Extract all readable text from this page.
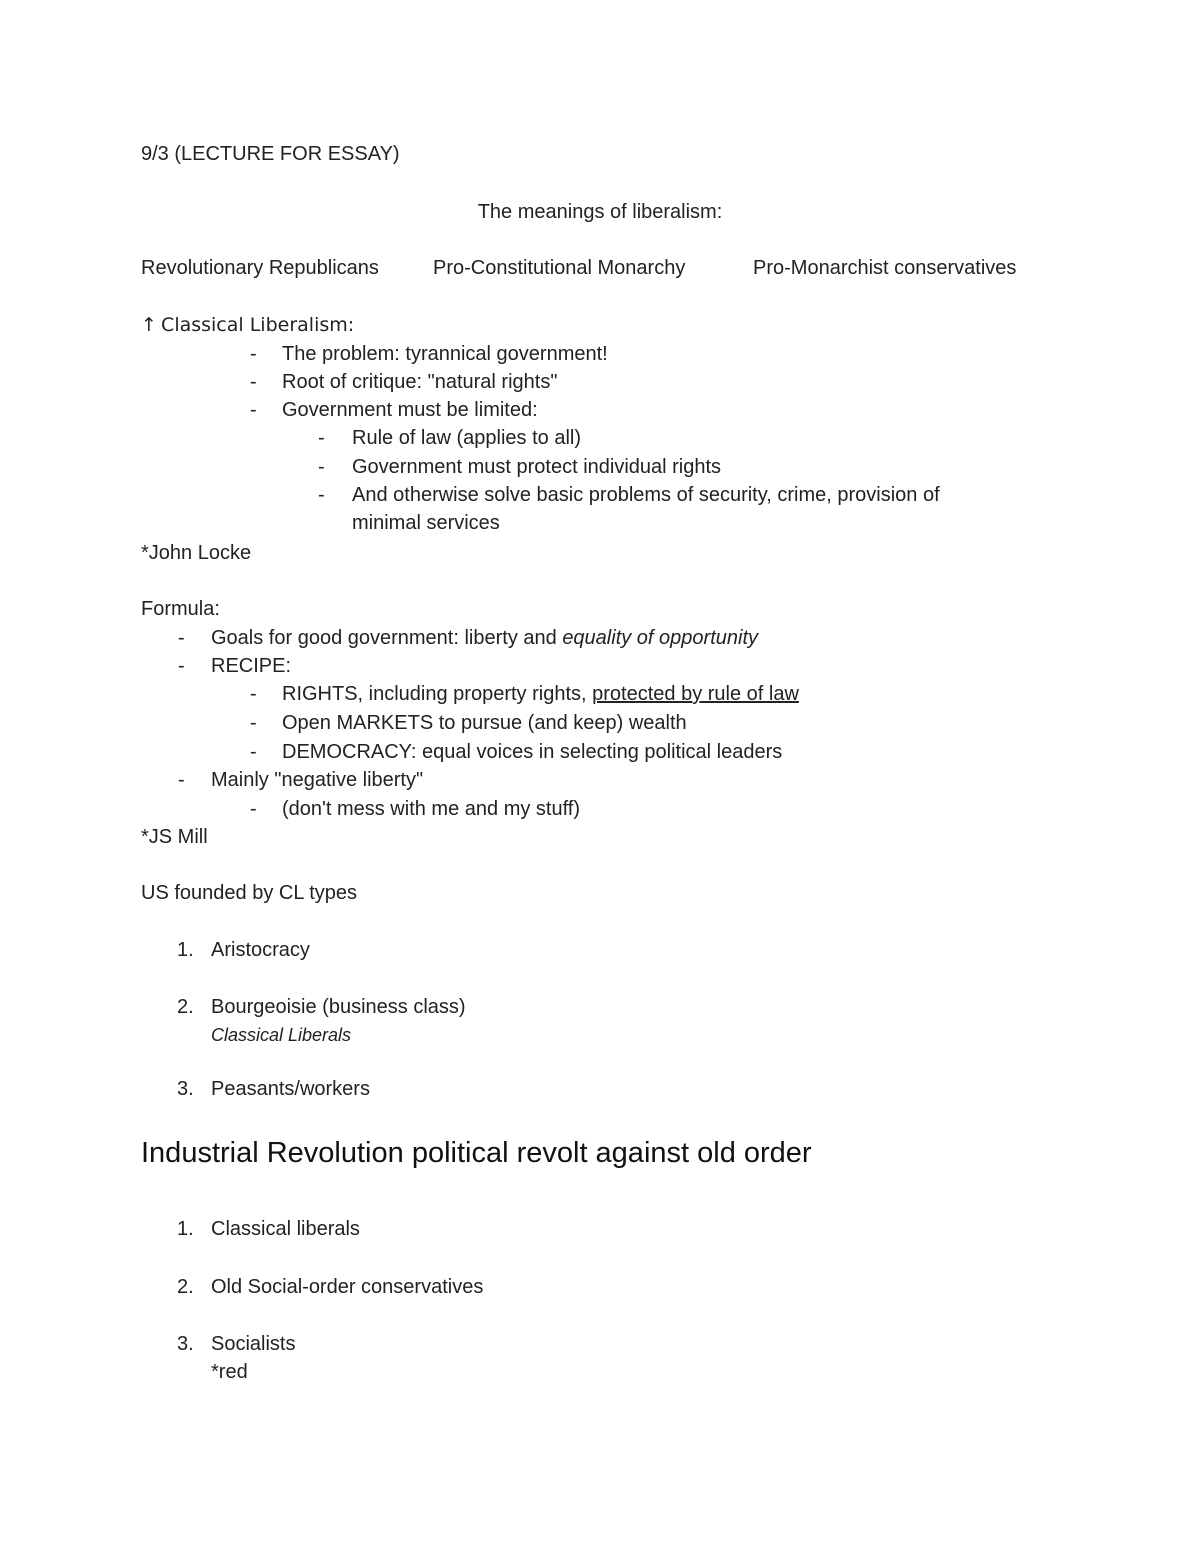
9/3 (LECTURE FOR ESSAY)
The meanings of liberalism:
Revolutionary Republicans	Pro-Constitutional Monarchy	Pro-Monarchist conservatives
↑ Classical Liberalism:
- The problem: tyrannical government!
- Root of critique: "natural rights"
- Government must be limited:
- Rule of law (applies to all)
- Government must protect individual rights
- And otherwise solve basic problems of security, crime, provision of
minimal services
*John Locke
Formula:
- Goals for good government: liberty and equality of opportunity
- RECIPE:
- RIGHTS, including property rights, protected by rule of law
- Open MARKETS to pursue (and keep) wealth
- DEMOCRACY: equal voices in selecting political leaders
- Mainly "negative liberty"
- (don't mess with me and my stuff)
*JS Mill
US founded by CL types
1. Aristocracy
2. Bourgeoisie (business class)
Classical Liberals
3. Peasants/workers
Industrial Revolution political revolt against old order
1. Classical liberals
2. Old Social-order conservatives
3. Socialists
*red
